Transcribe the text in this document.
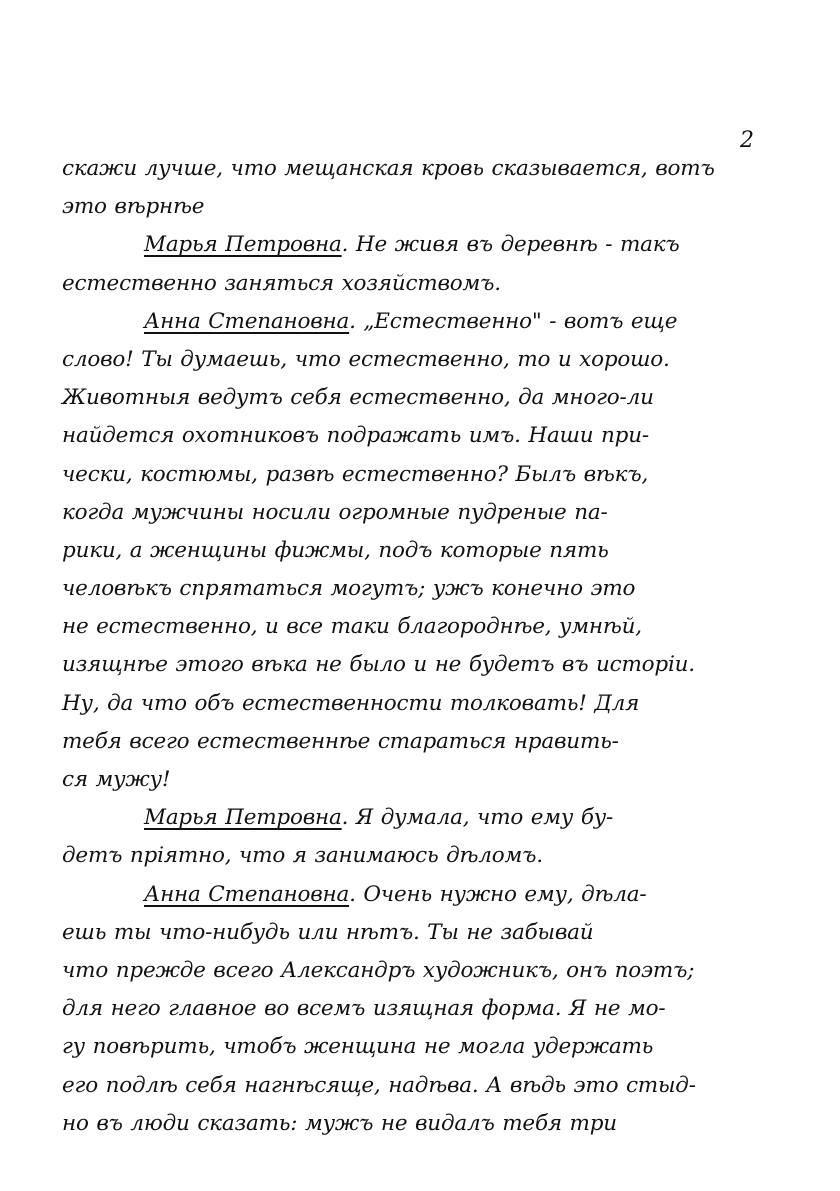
2
скажи лучше, что мещанская кровь сказывается, вотъ
это вѣрнѣе
Марья Петровна. Не живя въ деревнѣ - такъ
естественно заняться хозяйствомъ.
Анна Степановна. „Естественно" - вотъ еще
слово! Ты думаешь, что естественно, то и хорошо.
Животныя ведутъ себя естественно, да много-ли
найдется охотниковъ подражать имъ. Наши при-
чески, костюмы, развѣ естественно? Былъ вѣкъ,
когда мужчины носили огромные пудреные па-
рики, а женщины фижмы, подъ которые пять
человѣкъ спрятаться могутъ; ужъ конечно это
не естественно, и все таки благороднѣе, умнѣй,
изящнѣе этого вѣка не было и не будетъ въ исторіи.
Ну, да что объ естественности толковать! Для
тебя всего естественнѣе стараться нравить-
ся мужу!
Марья Петровна. Я думала, что ему бу-
детъ пріятно, что я занимаюсь дѣломъ.
Анна Степановна. Очень нужно ему, дѣла-
ешь ты что-нибудь или нѣтъ. Ты не забывай
что прежде всего Александръ художникъ, онъ поэтъ;
для него главное во всемъ изящная форма. Я не мо-
гу повѣрить, чтобъ женщина не могла удержать
его подлѣ себя нагнѣсяще, надѣва. А вѣдь это стыд-
но въ люди сказать: мужъ не видалъ тебя три
